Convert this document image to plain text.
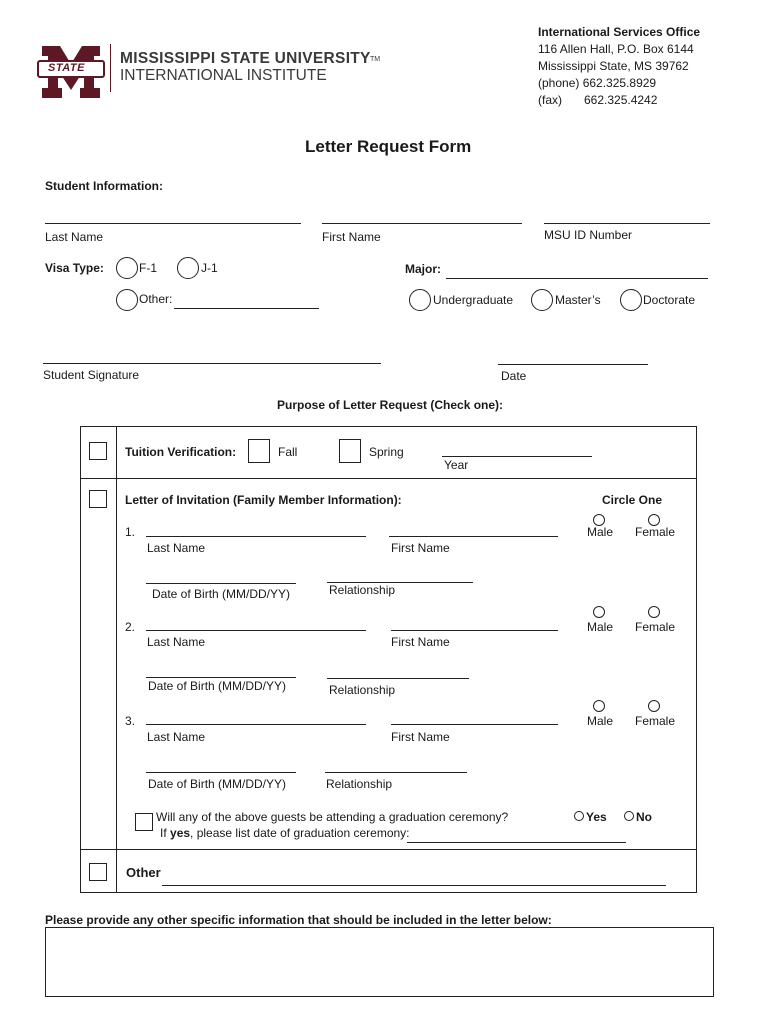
STATE
MISSISSIPPI STATE UNIVERSITY TM
INTERNATIONAL INSTITUTE
International Services Office
116 Allen Hall, P.O. Box 6144
Mississippi State, MS 39762
(phone) 662.325.8929
(fax) 662.325.4242
Letter Request Form
Student Information:
Last Name	First Name	MSU ID Number
Visa Type:	F-1	J-1
Other:
Major:
Undergraduate	Master’s	Doctorate
Student Signature	Date
Purpose of Letter Request (Check one):
Tuition Verification:	Fall	Spring
Year
Letter of Invitation (Family Member Information):	Circle One
1.
Last Name	First Name
Male Female
Date of Birth (MM/DD/YY)	Relationship
2.
Last Name	First Name
Male Female
Date of Birth (MM/DD/YY)	Relationship
3.
Last Name	First Name
Male Female
Date of Birth (MM/DD/YY)	Relationship
Will any of the above guests be attending a graduation ceremony?
If yes, please list date of graduation ceremony:
Yes No
Other
Please provide any other specific information that should be included in the letter below:
